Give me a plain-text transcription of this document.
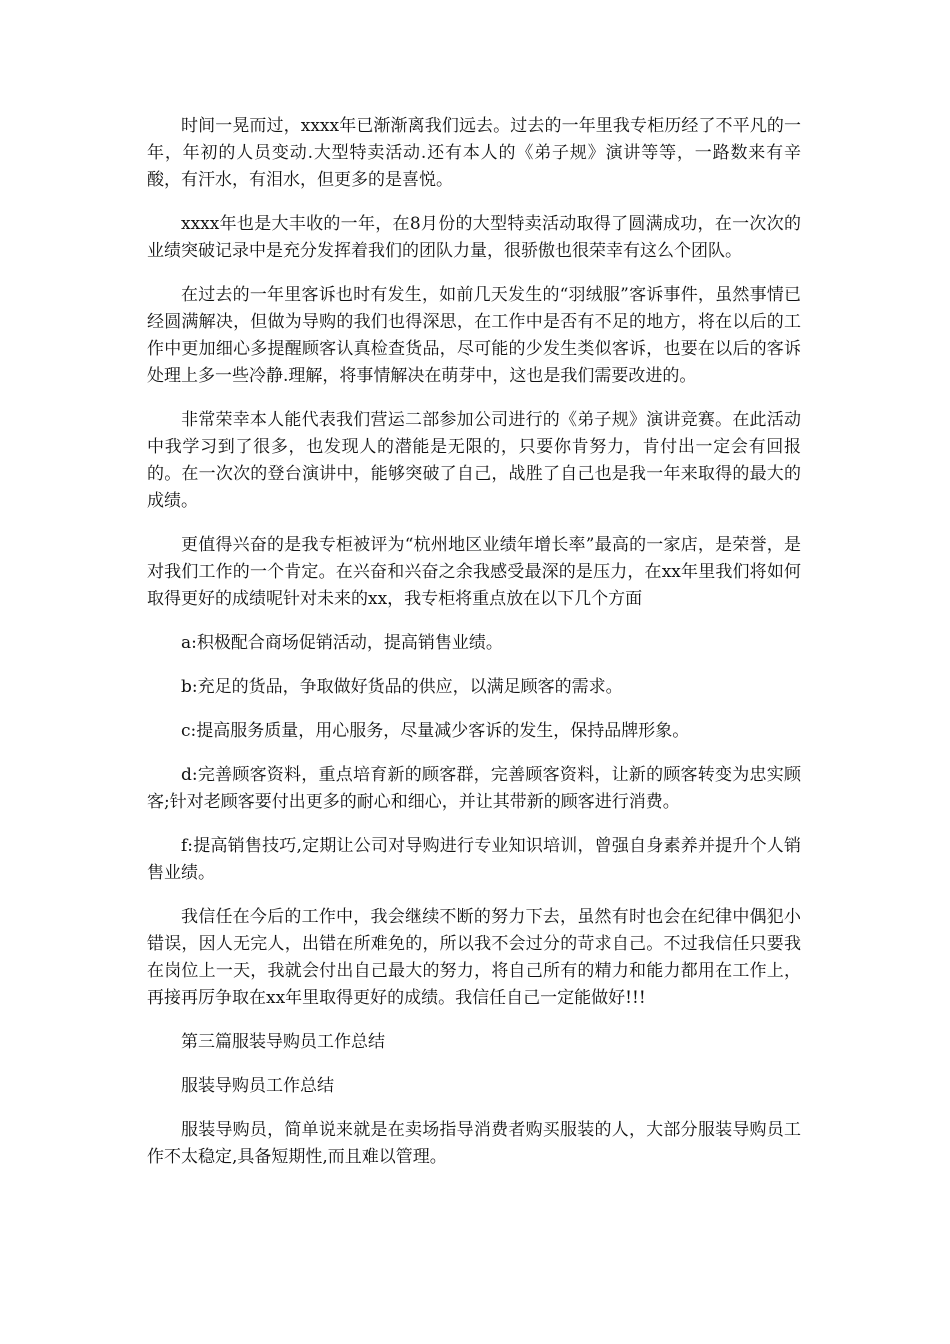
时间一晃而过，xxxx年已渐渐离我们远去。过去的一年里我专柜历经了不平凡的一年，年初的人员变动.大型特卖活动.还有本人的《弟子规》演讲等等，一路数来有辛酸，有汗水，有泪水，但更多的是喜悦。

xxxx年也是大丰收的一年，在8月份的大型特卖活动取得了圆满成功，在一次次的业绩突破记录中是充分发挥着我们的团队力量，很骄傲也很荣幸有这么个团队。

在过去的一年里客诉也时有发生，如前几天发生的“羽绒服”客诉事件，虽然事情已经圆满解决，但做为导购的我们也得深思，在工作中是否有不足的地方，将在以后的工作中更加细心多提醒顾客认真检查货品，尽可能的少发生类似客诉，也要在以后的客诉处理上多一些冷静.理解，将事情解决在萌芽中，这也是我们需要改进的。

非常荣幸本人能代表我们营运二部参加公司进行的《弟子规》演讲竞赛。在此活动中我学习到了很多，也发现人的潜能是无限的，只要你肯努力，肯付出一定会有回报的。在一次次的登台演讲中，能够突破了自己，战胜了自己也是我一年来取得的最大的成绩。

更值得兴奋的是我专柜被评为“杭州地区业绩年增长率”最高的一家店，是荣誉，是对我们工作的一个肯定。在兴奋和兴奋之余我感受最深的是压力，在xx年里我们将如何取得更好的成绩呢针对未来的xx，我专柜将重点放在以下几个方面

a:积极配合商场促销活动，提高销售业绩。

b:充足的货品，争取做好货品的供应，以满足顾客的需求。

c:提高服务质量，用心服务，尽量减少客诉的发生，保持品牌形象。

d:完善顾客资料，重点培育新的顾客群，完善顾客资料，让新的顾客转变为忠实顾客;针对老顾客要付出更多的耐心和细心，并让其带新的顾客进行消费。

f:提高销售技巧,定期让公司对导购进行专业知识培训，曾强自身素养并提升个人销售业绩。

我信任在今后的工作中，我会继续不断的努力下去，虽然有时也会在纪律中偶犯小错误，因人无完人，出错在所难免的，所以我不会过分的苛求自己。不过我信任只要我在岗位上一天，我就会付出自己最大的努力，将自己所有的精力和能力都用在工作上，再接再厉争取在xx年里取得更好的成绩。我信任自己一定能做好!!!

第三篇服装导购员工作总结

服装导购员工作总结

服装导购员，简单说来就是在卖场指导消费者购买服装的人，大部分服装导购员工作不太稳定,具备短期性,而且难以管理。
